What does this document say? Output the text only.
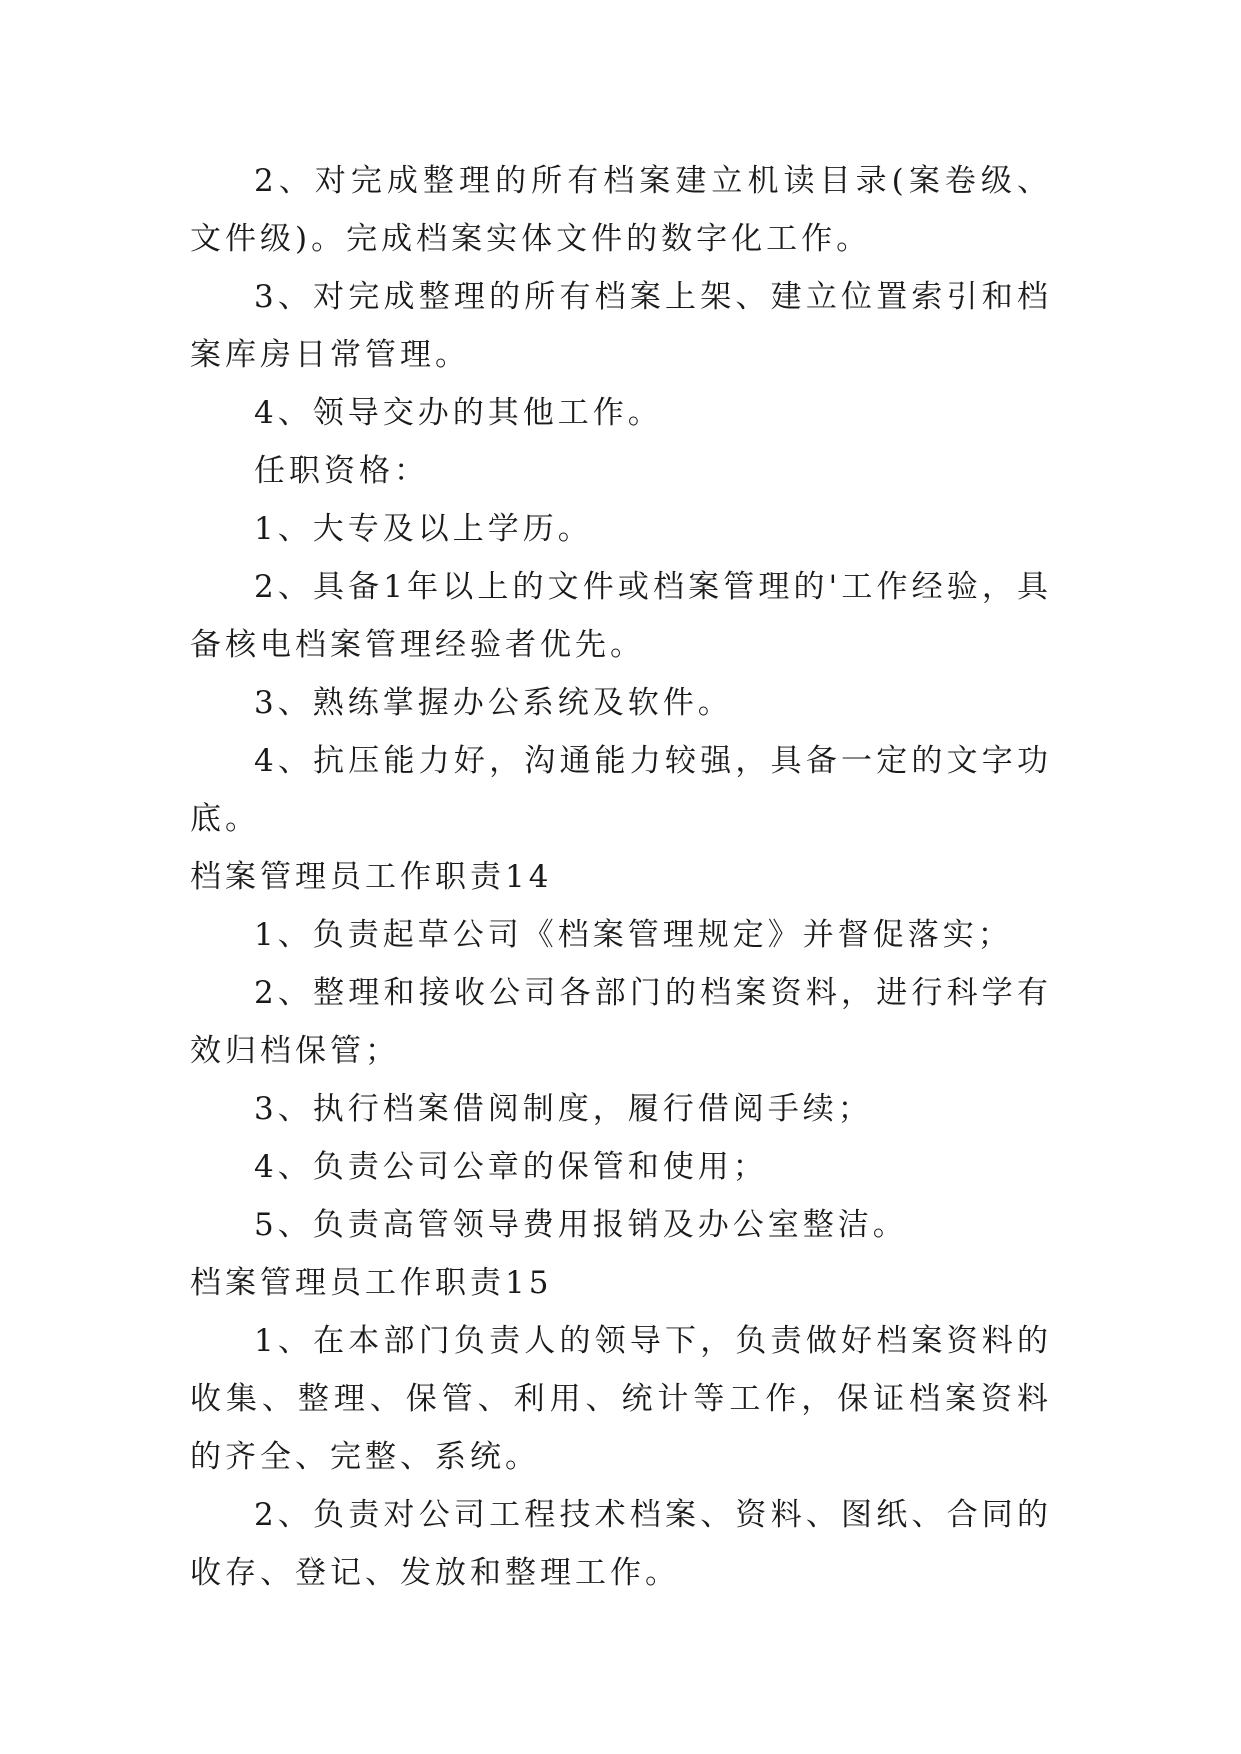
2、对完成整理的所有档案建立机读目录(案卷级、文件级)。完成档案实体文件的数字化工作。

3、对完成整理的所有档案上架、建立位置索引和档案库房日常管理。

4、领导交办的其他工作。

任职资格：

1、大专及以上学历。

2、具备1年以上的文件或档案管理的'工作经验，具备核电档案管理经验者优先。

3、熟练掌握办公系统及软件。

4、抗压能力好，沟通能力较强，具备一定的文字功底。

档案管理员工作职责14

1、负责起草公司《档案管理规定》并督促落实；

2、整理和接收公司各部门的档案资料，进行科学有效归档保管；

3、执行档案借阅制度，履行借阅手续；

4、负责公司公章的保管和使用；

5、负责高管领导费用报销及办公室整洁。

档案管理员工作职责15

1、在本部门负责人的领导下，负责做好档案资料的收集、整理、保管、利用、统计等工作，保证档案资料的齐全、完整、系统。

2、负责对公司工程技术档案、资料、图纸、合同的收存、登记、发放和整理工作。
